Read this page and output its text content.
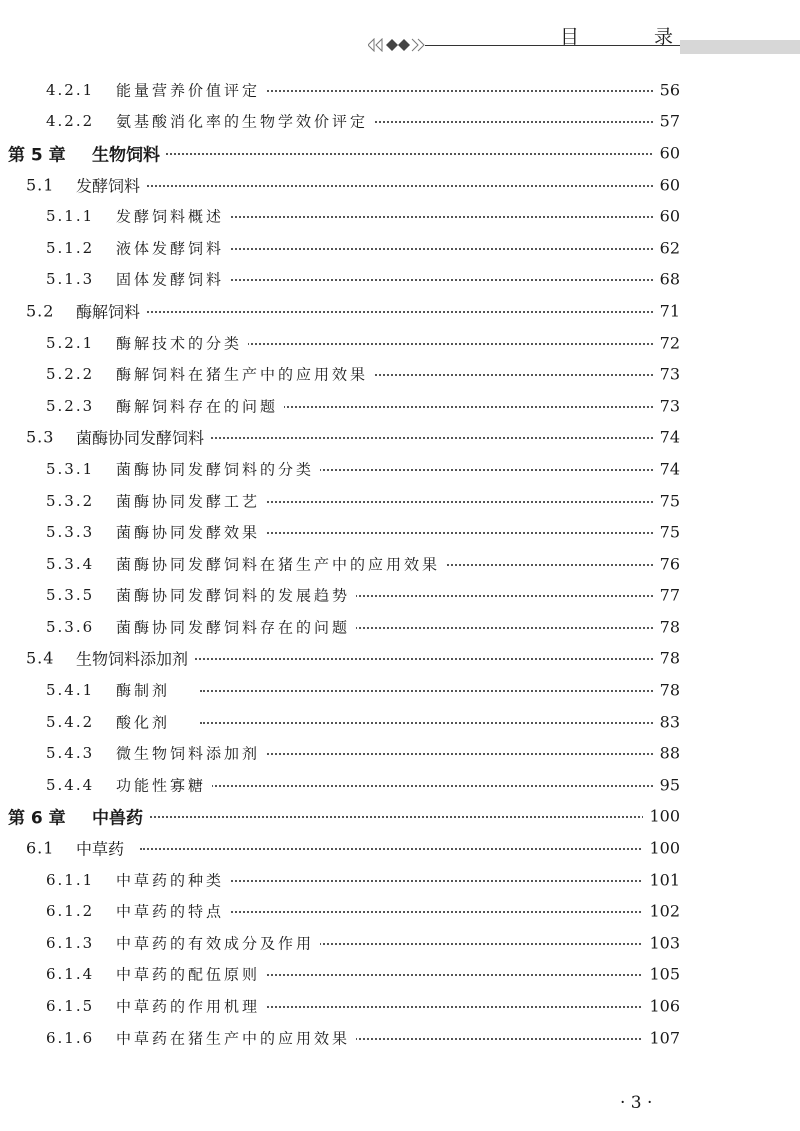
目　录
4.2.1 能量营养价值评定	56
4.2.2 氨基酸消化率的生物学效价评定	57
第 5 章 生物饲料	60
5.1 发酵饲料	60
5.1.1 发酵饲料概述	60
5.1.2 液体发酵饲料	62
5.1.3 固体发酵饲料	68
5.2 酶解饲料	71
5.2.1 酶解技术的分类	72
5.2.2 酶解饲料在猪生产中的应用效果	73
5.2.3 酶解饲料存在的问题	73
5.3 菌酶协同发酵饲料	74
5.3.1 菌酶协同发酵饲料的分类	74
5.3.2 菌酶协同发酵工艺	75
5.3.3 菌酶协同发酵效果	75
5.3.4 菌酶协同发酵饲料在猪生产中的应用效果	76
5.3.5 菌酶协同发酵饲料的发展趋势	77
5.3.6 菌酶协同发酵饲料存在的问题	78
5.4 生物饲料添加剂	78
5.4.1 酶制剂	78
5.4.2 酸化剂	83
5.4.3 微生物饲料添加剂	88
5.4.4 功能性寡糖	95
第 6 章 中兽药	100
6.1 中草药	100
6.1.1 中草药的种类	101
6.1.2 中草药的特点	102
6.1.3 中草药的有效成分及作用	103
6.1.4 中草药的配伍原则	105
6.1.5 中草药的作用机理	106
6.1.6 中草药在猪生产中的应用效果	107
· 3 ·
